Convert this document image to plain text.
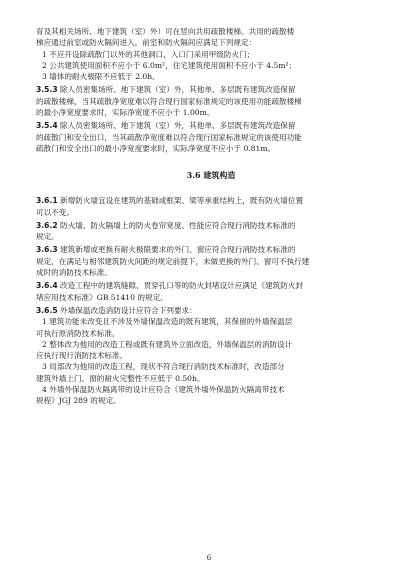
育及其相关场所、地下建筑（室）外）可在竖向共用疏散楼梯。共用的疏散楼

梯应通过前室或防火隔间进入，前室和防火隔间应满足下列规定：

1 不应开设除疏散门以外的其他洞口，入口门采用甲级防火门；

2 公共建筑使用面积不应小于 6.0m²，住宅建筑使用面积不应小于 4.5m²；

3 墙体的耐火极限不应低于 2.0h。

3.5.3 除人员密集场所、地下建筑（室）外，其他单、多层既有建筑改造保留

的疏散楼梯，当其疏散净宽度难以符合现行国家标准规定的该使用功能疏散楼梯

的最小净宽度要求时，实际净宽度不应小于 1.00m。

3.5.4 除人员密集场所、地下建筑（室）外，其他单、多层既有建筑改造保留

的疏散门和安全出口，当其疏散净宽度难以符合现行国家标准规定的该使用功能

疏散门和安全出口的最小净宽度要求时，实际净宽度不应小于 0.81m。

3.6 建筑构造

3.6.1 新增防火墙宜设在建筑的基础或框架、梁等承重结构上，既有防火墙位置

可以不变。

3.6.2 防火墙、防火隔墙上的防火卷帘宽度、性能应符合现行消防技术标准的

规定。

3.6.3 建筑新增或更换有耐火极限要求的外门、窗应符合现行消防技术标准的

规定，在满足与相邻建筑防火间距的规定前提下，未做更换的外门、窗可不执行建

成时的消防技术标准。

3.6.4 改造工程中的建筑缝隙、贯穿孔口等的防火封堵设计应满足《建筑防火封

堵应用技术标准》GB 51410 的规定。

3.6.5 外墙保温改造消防设计应符合下列要求：

1 建筑功能未改变且不涉及外墙保温改造的既有建筑，其保留的外墙保温层

可执行原消防技术标准。

2 整体改为他用的改造工程或既有建筑外立面改造，外墙保温层的消防设计

应执行现行消防技术标准。

3 局部改为他用的改造工程，现状不符合现行消防技术标准时，改造部分

建筑外墙上门、窗的耐火完整性不应低于 0.50h。

4 外墙外保温防火隔离带的设计应符合《建筑外墙外保温防火隔离带技术

规程》JGJ 289 的规定。

6
